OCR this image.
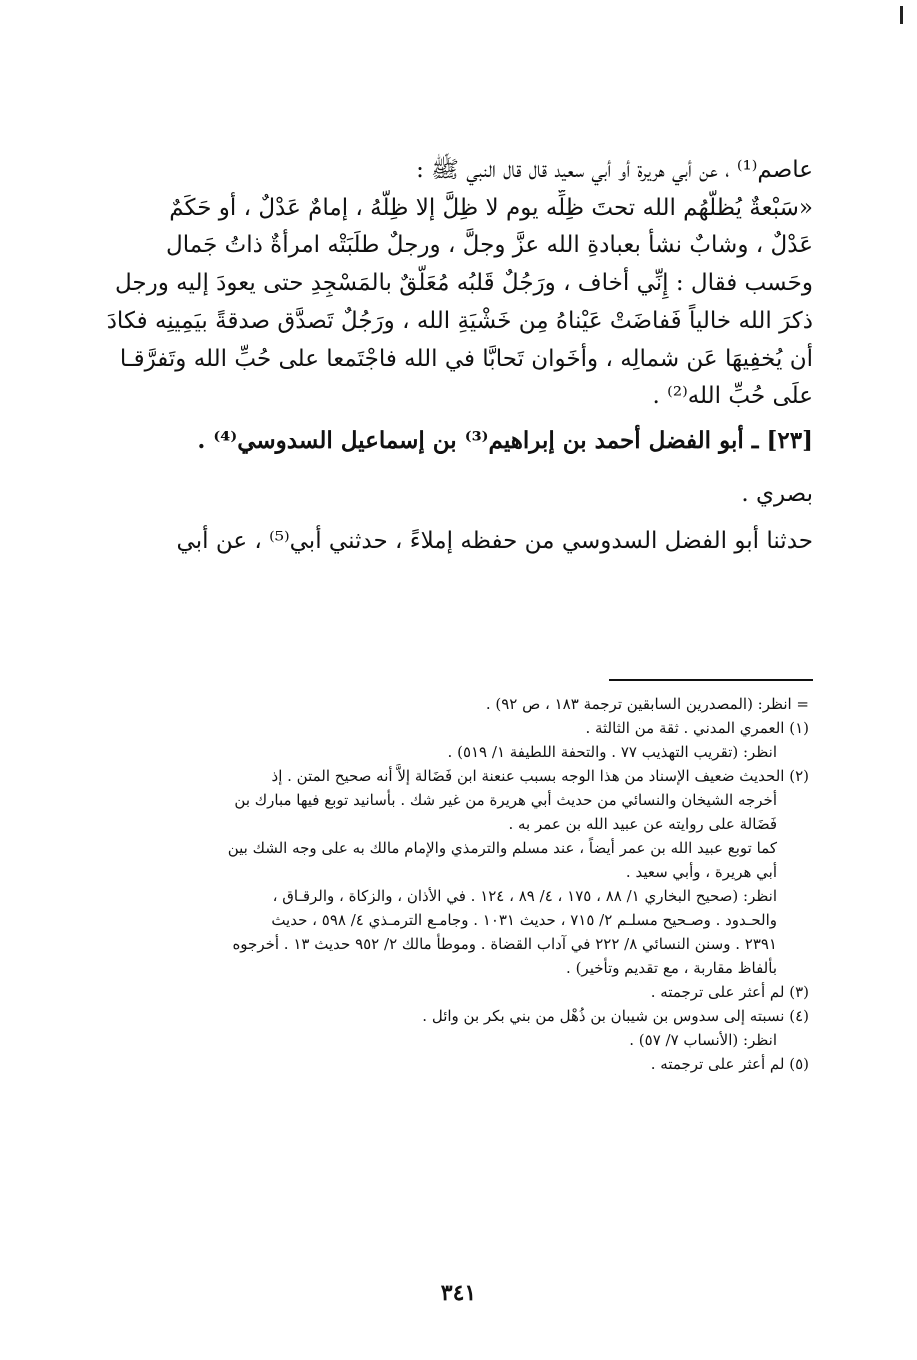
عاصم⁽¹⁾ ، عن أبي هريرة أو أبي سعيد قال قال النبي ﷺ :

«سَبْعةٌ يُظلُّهُم الله تحتَ ظِلِّه يوم لا ظِلَّ إلا ظِلُّهُ ، إمامٌ عَدْلٌ ، أو حَكَمٌ

عَدْلٌ ، وشابٌ نشأ بعبادةِ الله عزَّ وجلَّ ، ورجلٌ طلَبَتْه امرأةٌ ذاتُ جَمال

وحَسب فقال : إِنِّي أخاف ، ورَجُلٌ قَلبُه مُعَلَّقٌ بالمَسْجِدِ حتى يعودَ إليه ورجل

ذكرَ الله خالياً فَفاضَتْ عَيْناهُ مِن خَشْيَةِ الله ، ورَجُلٌ تَصدَّق صدقةً بيَمِينِه فكادَ

أن يُخفِيهَا عَن شمالِه ، وأخَوان تَحابَّا في الله فاجْتَمعا على حُبِّ الله وتَفرَّقـا

علَى حُبِّ الله⁽²⁾ .

[٢٣] ـ أبو الفضل أحمد بن إبراهيم⁽³⁾ بن إسماعيل السدوسي⁽⁴⁾ .

بصري .

حدثنا أبو الفضل السدوسي من حفظه إملاءً ، حدثني أبي⁽⁵⁾ ، عن أبي

= انظر: (المصدرين السابقين ترجمة ١٨٣ ، ص ٩٢) .

(١) العمري المدني . ثقة من الثالثة .

انظر: (تقريب التهذيب ٧٧ . والتحفة اللطيفة ١/ ٥١٩) .

(٢) الحديث ضعيف الإسناد من هذا الوجه بسبب عنعنة ابن فَضَالة إلاَّ أنه صحيح المتن . إذ

أخرجه الشيخان والنسائي من حديث أبي هريرة من غير شك . بأسانيد توبع فيها مبارك بن

فَضَالة على روايته عن عبيد الله بن عمر به .

كما توبع عبيد الله بن عمر أيضاً ، عند مسلم والترمذي والإمام مالك به على وجه الشك بين

أبي هريرة ، وأبي سعيد .

انظر: (صحيح البخاري ١/ ٨٨ ، ١٧٥ ، ٤/ ٨٩ ، ١٢٤ . في الأذان ، والزكاة ، والرقـاق ،

والحـدود . وصـحيح مسلـم ٢/ ٧١٥ ، حديث ١٠٣١ . وجامـع الترمـذي ٤/ ٥٩٨ ، حديث

٢٣٩١ . وسنن النسائي ٨/ ٢٢٢ في آداب القضاة . وموطأ مالك ٢/ ٩٥٢ حديث ١٣ . أخرجوه

بألفاظ مقاربة ، مع تقديم وتأخير) .

(٣) لم أعثر على ترجمته .

(٤) نسبته إلى سدوس بن شيبان بن ذُهْل من بني بكر بن وائل .

انظر: (الأنساب ٧/ ٥٧) .

(٥) لم أعثر على ترجمته .

٣٤١
